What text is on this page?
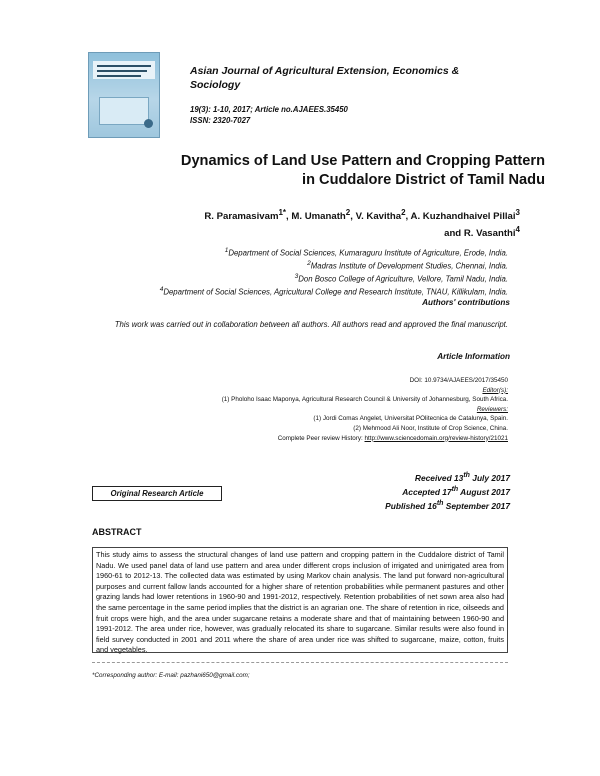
Asian Journal of Agricultural Extension, Economics & Sociology
19(3): 1-10, 2017; Article no.AJAEES.35450
ISSN: 2320-7027
Dynamics of Land Use Pattern and Cropping Pattern
in Cuddalore District of Tamil Nadu
R. Paramasivam$^{1*}$, M. Umanath$^2$, V. Kavitha$^2$, A. Kuzhandhaivel Pillai$^3$
and R. Vasanthi$^4$
$^1$Department of Social Sciences, Kumaraguru Institute of Agriculture, Erode, India.
$^2$Madras Institute of Development Studies, Chennai, India.
$^3$Don Bosco College of Agriculture, Vellore, Tamil Nadu, India.
$^4$Department of Social Sciences, Agricultural College and Research Institute, TNAU, Killikulam, India.
Authors' contributions
This work was carried out in collaboration between all authors. All authors read and approved the final manuscript.
Article Information
DOI: 10.9734/AJAEES/2017/35450
Editor(s):
(1) Pholoho Isaac Maponya, Agricultural Research Council & University of Johannesburg, South Africa.
Reviewers:
(1) Jordi Comas Angelet, Universitat POlitecnica de Catalunya, Spain.
(2) Mehmood Ali Noor, Institute of Crop Science, China.
Complete Peer review History: http://www.sciencedomain.org/review-history/21021
Received 13th July 2017
Accepted 17th August 2017
Published 16th September 2017
Original Research Article
ABSTRACT
This study aims to assess the structural changes of land use pattern and cropping pattern in the Cuddalore district of Tamil Nadu. We used panel data of land use pattern and area under different crops inclusion of irrigated and unirrigated area from 1960-61 to 2012-13. The collected data was estimated by using Markov chain analysis. The land put forward non-agricultural purposes and current fallow lands accounted for a higher share of retention probabilities while permanent pastures and other grazing lands had lower retentions in 1960-90 and 1991-2012, respectively. Retention probabilities of net sown area also had the same percentage in the same period implies that the district is an agrarian one. The share of retention in rice, oilseeds and fruit crops were high, and the area under sugarcane retains a moderate share and that of maintaining between 1960-90 and 1991-2012. The area under rice, however, was gradually relocated its share to sugarcane. Similar results were also found in field survey conducted in 2001 and 2011 where the share of area under rice was shifted to sugarcane, maize, cotton, fruits and vegetables.
*Corresponding author: E-mail: pazhani650@gmail.com;
